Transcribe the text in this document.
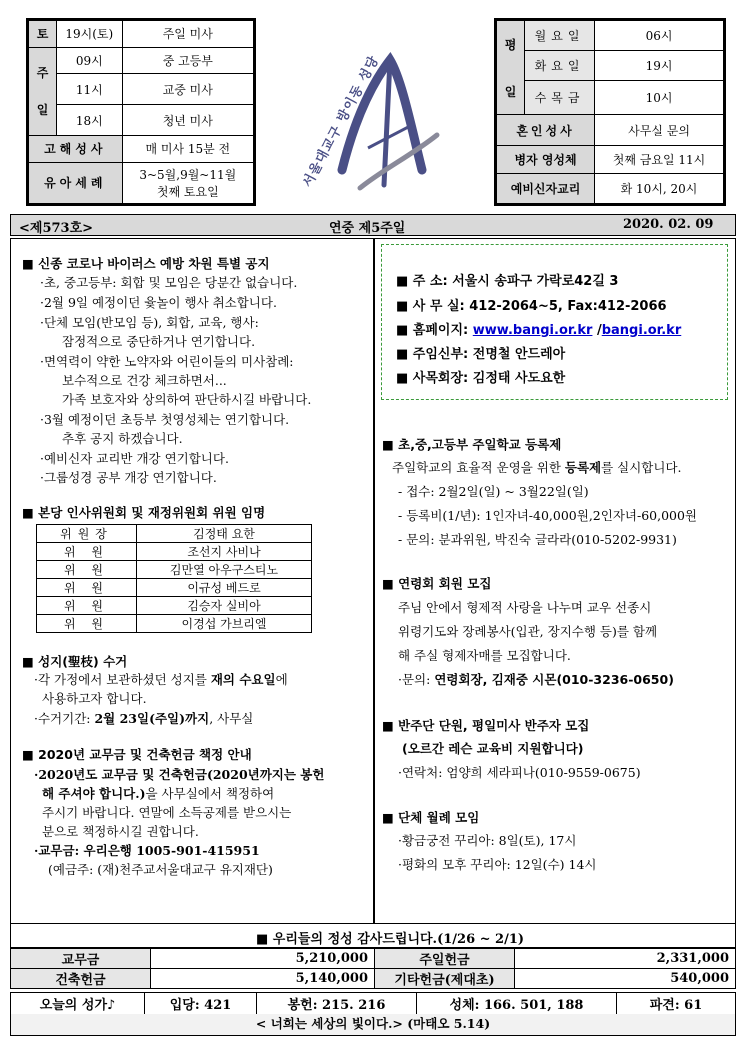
토	19시(토)	주일 미사

주
일	09시	중 고등부
	11시	교중 미사
	18시	청년 미사
고해성사		매 미사 15분 전
유아세례		3~5월,9월~11월
첫째 토요일
서울대교구 방이동 성당
평
일	월요일	06시
	화요일	19시
	수목금	10시
혼인성사		사무실 문의
병자 영성체		첫째 금요일 11시
예비신자교리		화 10시, 20시
<제573호>	연중 제5주일	2020. 02. 09
■ 신종 코로나 바이러스 예방 차원 특별 공지
·초, 중고등부: 회합 및 모임은 당분간 없습니다.
·2월 9일 예정이던 윷놀이 행사 취소합니다.
·단체 모임(반모임 등), 회합, 교육, 행사:
잠정적으로 중단하거나 연기합니다.
·면역력이 약한 노약자와 어린이들의 미사참례:
보수적으로 건강 체크하면서...
가족 보호자와 상의하여 판단하시길 바랍니다.
·3월 예정이던 초등부 첫영성체는 연기합니다.
추후 공지 하겠습니다.
·예비신자 교리반 개강 연기합니다.
·그룹성경 공부 개강 연기합니다.
■ 본당 인사위원회 및 재정위원회 위원 임명
위원장	김정태 요한
위 원	조선지 사비나
위 원	김만열 아우구스티노
위 원	이규성 베드로
위 원	김승자 실비아
위 원	이경섭 가브리엘
■ 성지(聖枝) 수거
·각 가정에서 보관하셨던 성지를 재의 수요일에
사용하고자 합니다.
·수거기간: 2월 23일(주일)까지, 사무실
■ 2020년 교무금 및 건축헌금 책정 안내
·2020년도 교무금 및 건축헌금(2020년까지는 봉헌
해 주셔야 합니다.)을 사무실에서 책정하여
주시기 바랍니다. 연말에 소득공제를 받으시는
분으로 책정하시길 권합니다.
·교무금: 우리은행 1005-901-415951
(예금주: (재)천주교서울대교구 유지재단)
■ 주 소: 서울시 송파구 가락로42길 3
■ 사 무 실: 412-2064~5, Fax:412-2066
■ 홈페이지: www.bangi.or.kr /bangi.or.kr
■ 주임신부: 전명철 안드레아
■ 사목회장: 김정태 사도요한
■ 초,중,고등부 주일학교 등록제
주일학교의 효율적 운영을 위한 등록제를 실시합니다.
- 접수: 2월2일(일) ~ 3월22일(일)
- 등록비(1/년): 1인자녀-40,000원,2인자녀-60,000원
- 문의: 분과위원, 박진숙 글라라(010-5202-9931)
■ 연령회 회원 모집
주님 안에서 형제적 사랑을 나누며 교우 선종시
위령기도와 장례봉사(입관, 장지수행 등)를 함께
해 주실 형제자매를 모집합니다.
·문의: 연령회장, 김재중 시몬(010-3236-0650)
■ 반주단 단원, 평일미사 반주자 모집
(오르간 레슨 교육비 지원합니다)
·연락처: 엄양희 세라피나(010-9559-0675)
■ 단체 월례 모임
·황금궁전 꾸리아: 8일(토), 17시
·평화의 모후 꾸리아: 12일(수) 14시
■ 우리들의 정성 감사드립니다.(1/26 ~ 2/1)
교무금	5,210,000	주일헌금	2,331,000
건축헌금	5,140,000	기타헌금(제대초)	540,000
오늘의 성가♪	입당: 421	봉헌: 215. 216	성체: 166. 501, 188	파견: 61
< 너희는 세상의 빛이다.> (마태오 5.14)
